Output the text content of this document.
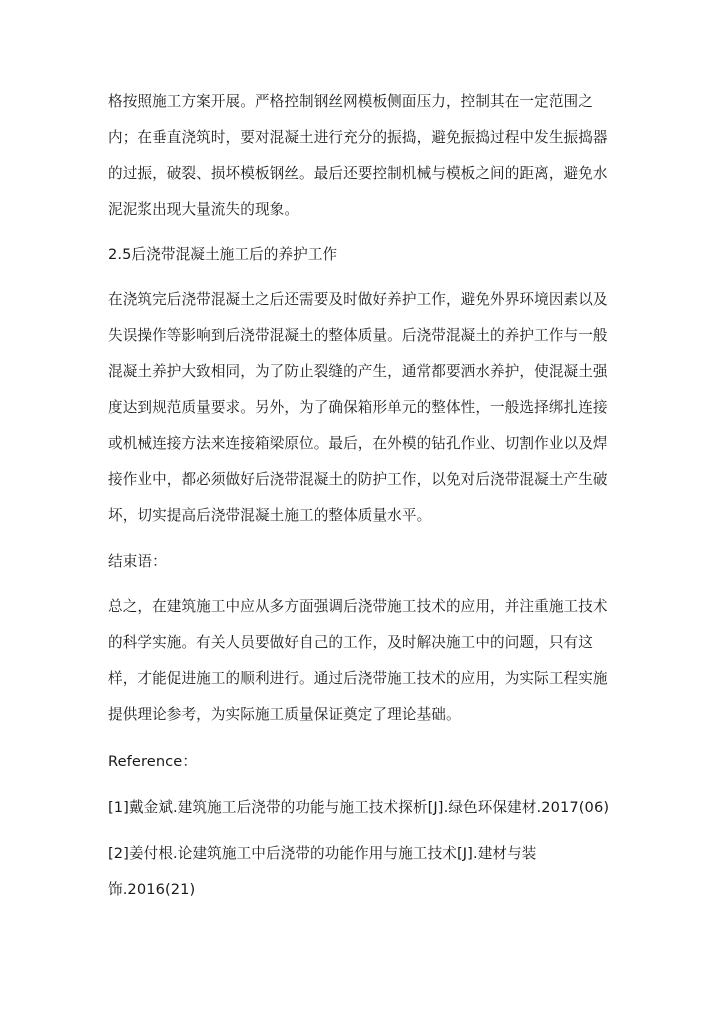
格按照施工方案开展。严格控制钢丝网模板侧面压力，控制其在一定范围之

内；在垂直浇筑时，要对混凝土进行充分的振捣，避免振捣过程中发生振捣器

的过振，破裂、损坏模板钢丝。最后还要控制机械与模板之间的距离，避免水

泥泥浆出现大量流失的现象。

2.5后浇带混凝土施工后的养护工作

在浇筑完后浇带混凝土之后还需要及时做好养护工作，避免外界环境因素以及

失误操作等影响到后浇带混凝土的整体质量。后浇带混凝土的养护工作与一般

混凝土养护大致相同，为了防止裂缝的产生，通常都要洒水养护，使混凝土强

度达到规范质量要求。另外，为了确保箱形单元的整体性，一般选择绑扎连接

或机械连接方法来连接箱梁原位。最后，在外模的钻孔作业、切割作业以及焊

接作业中，都必须做好后浇带混凝土的防护工作，以免对后浇带混凝土产生破

坏，切实提高后浇带混凝土施工的整体质量水平。

结束语：

总之，在建筑施工中应从多方面强调后浇带施工技术的应用，并注重施工技术

的科学实施。有关人员要做好自己的工作，及时解决施工中的问题，只有这

样，才能促进施工的顺利进行。通过后浇带施工技术的应用，为实际工程实施

提供理论参考，为实际施工质量保证奠定了理论基础。

Reference：

[1]戴金斌.建筑施工后浇带的功能与施工技术探析[J].绿色环保建材.2017(06)

[2]姜付根.论建筑施工中后浇带的功能作用与施工技术[J].建材与装

饰.2016(21)
